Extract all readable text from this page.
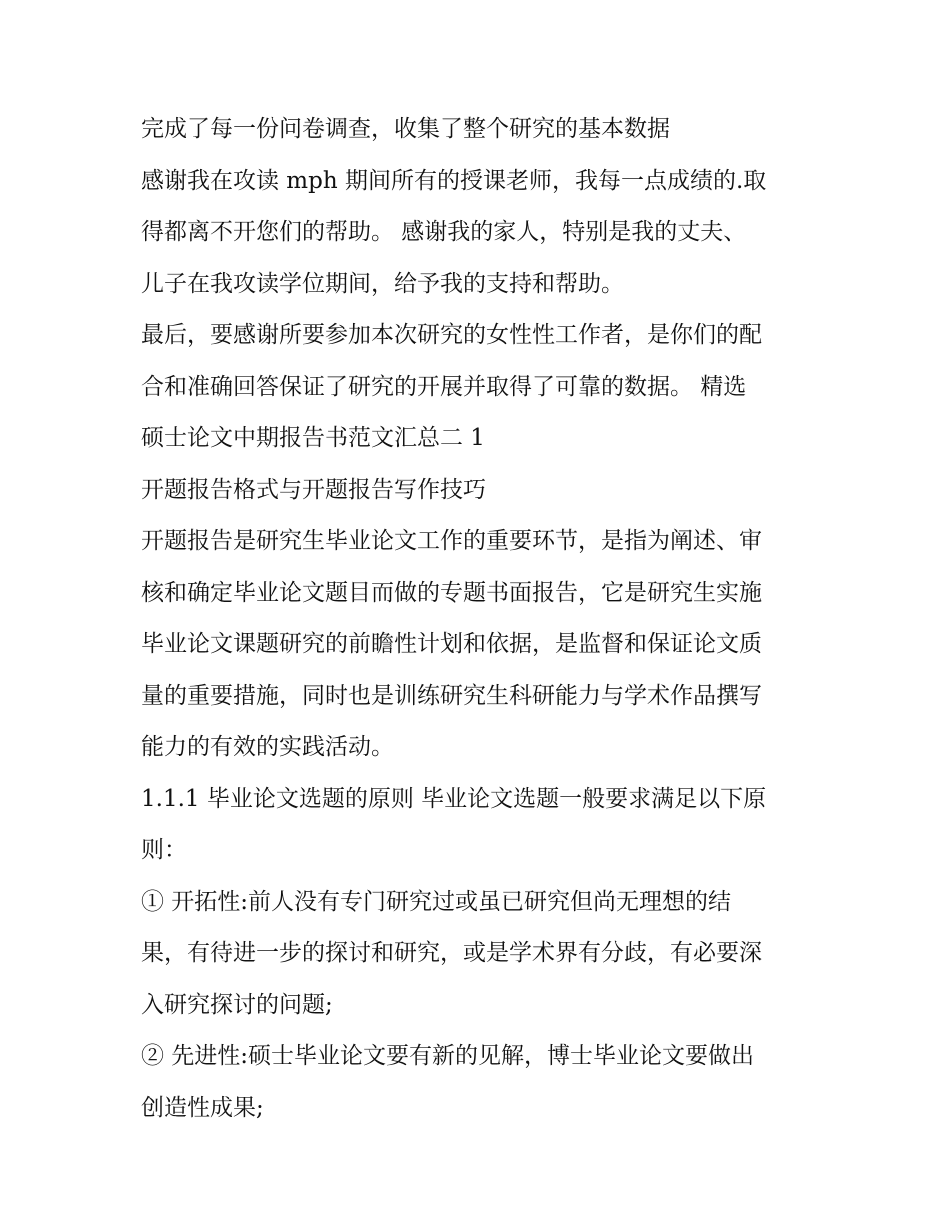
完成了每一份问卷调查，收集了整个研究的基本数据
感谢我在攻读 mph 期间所有的授课老师，我每一点成绩的.取
得都离不开您们的帮助。 感谢我的家人，特别是我的丈夫、
儿子在我攻读学位期间，给予我的支持和帮助。
最后，要感谢所要参加本次研究的女性性工作者，是你们的配
合和准确回答保证了研究的开展并取得了可靠的数据。 精选
硕士论文中期报告书范文汇总二 1
开题报告格式与开题报告写作技巧
开题报告是研究生毕业论文工作的重要环节，是指为阐述、审
核和确定毕业论文题目而做的专题书面报告，它是研究生实施
毕业论文课题研究的前瞻性计划和依据，是监督和保证论文质
量的重要措施，同时也是训练研究生科研能力与学术作品撰写
能力的有效的实践活动。
1.1.1 毕业论文选题的原则 毕业论文选题一般要求满足以下原
则：
① 开拓性:前人没有专门研究过或虽已研究但尚无理想的结
果，有待进一步的探讨和研究，或是学术界有分歧，有必要深
入研究探讨的问题;
② 先进性:硕士毕业论文要有新的见解，博士毕业论文要做出
创造性成果;
